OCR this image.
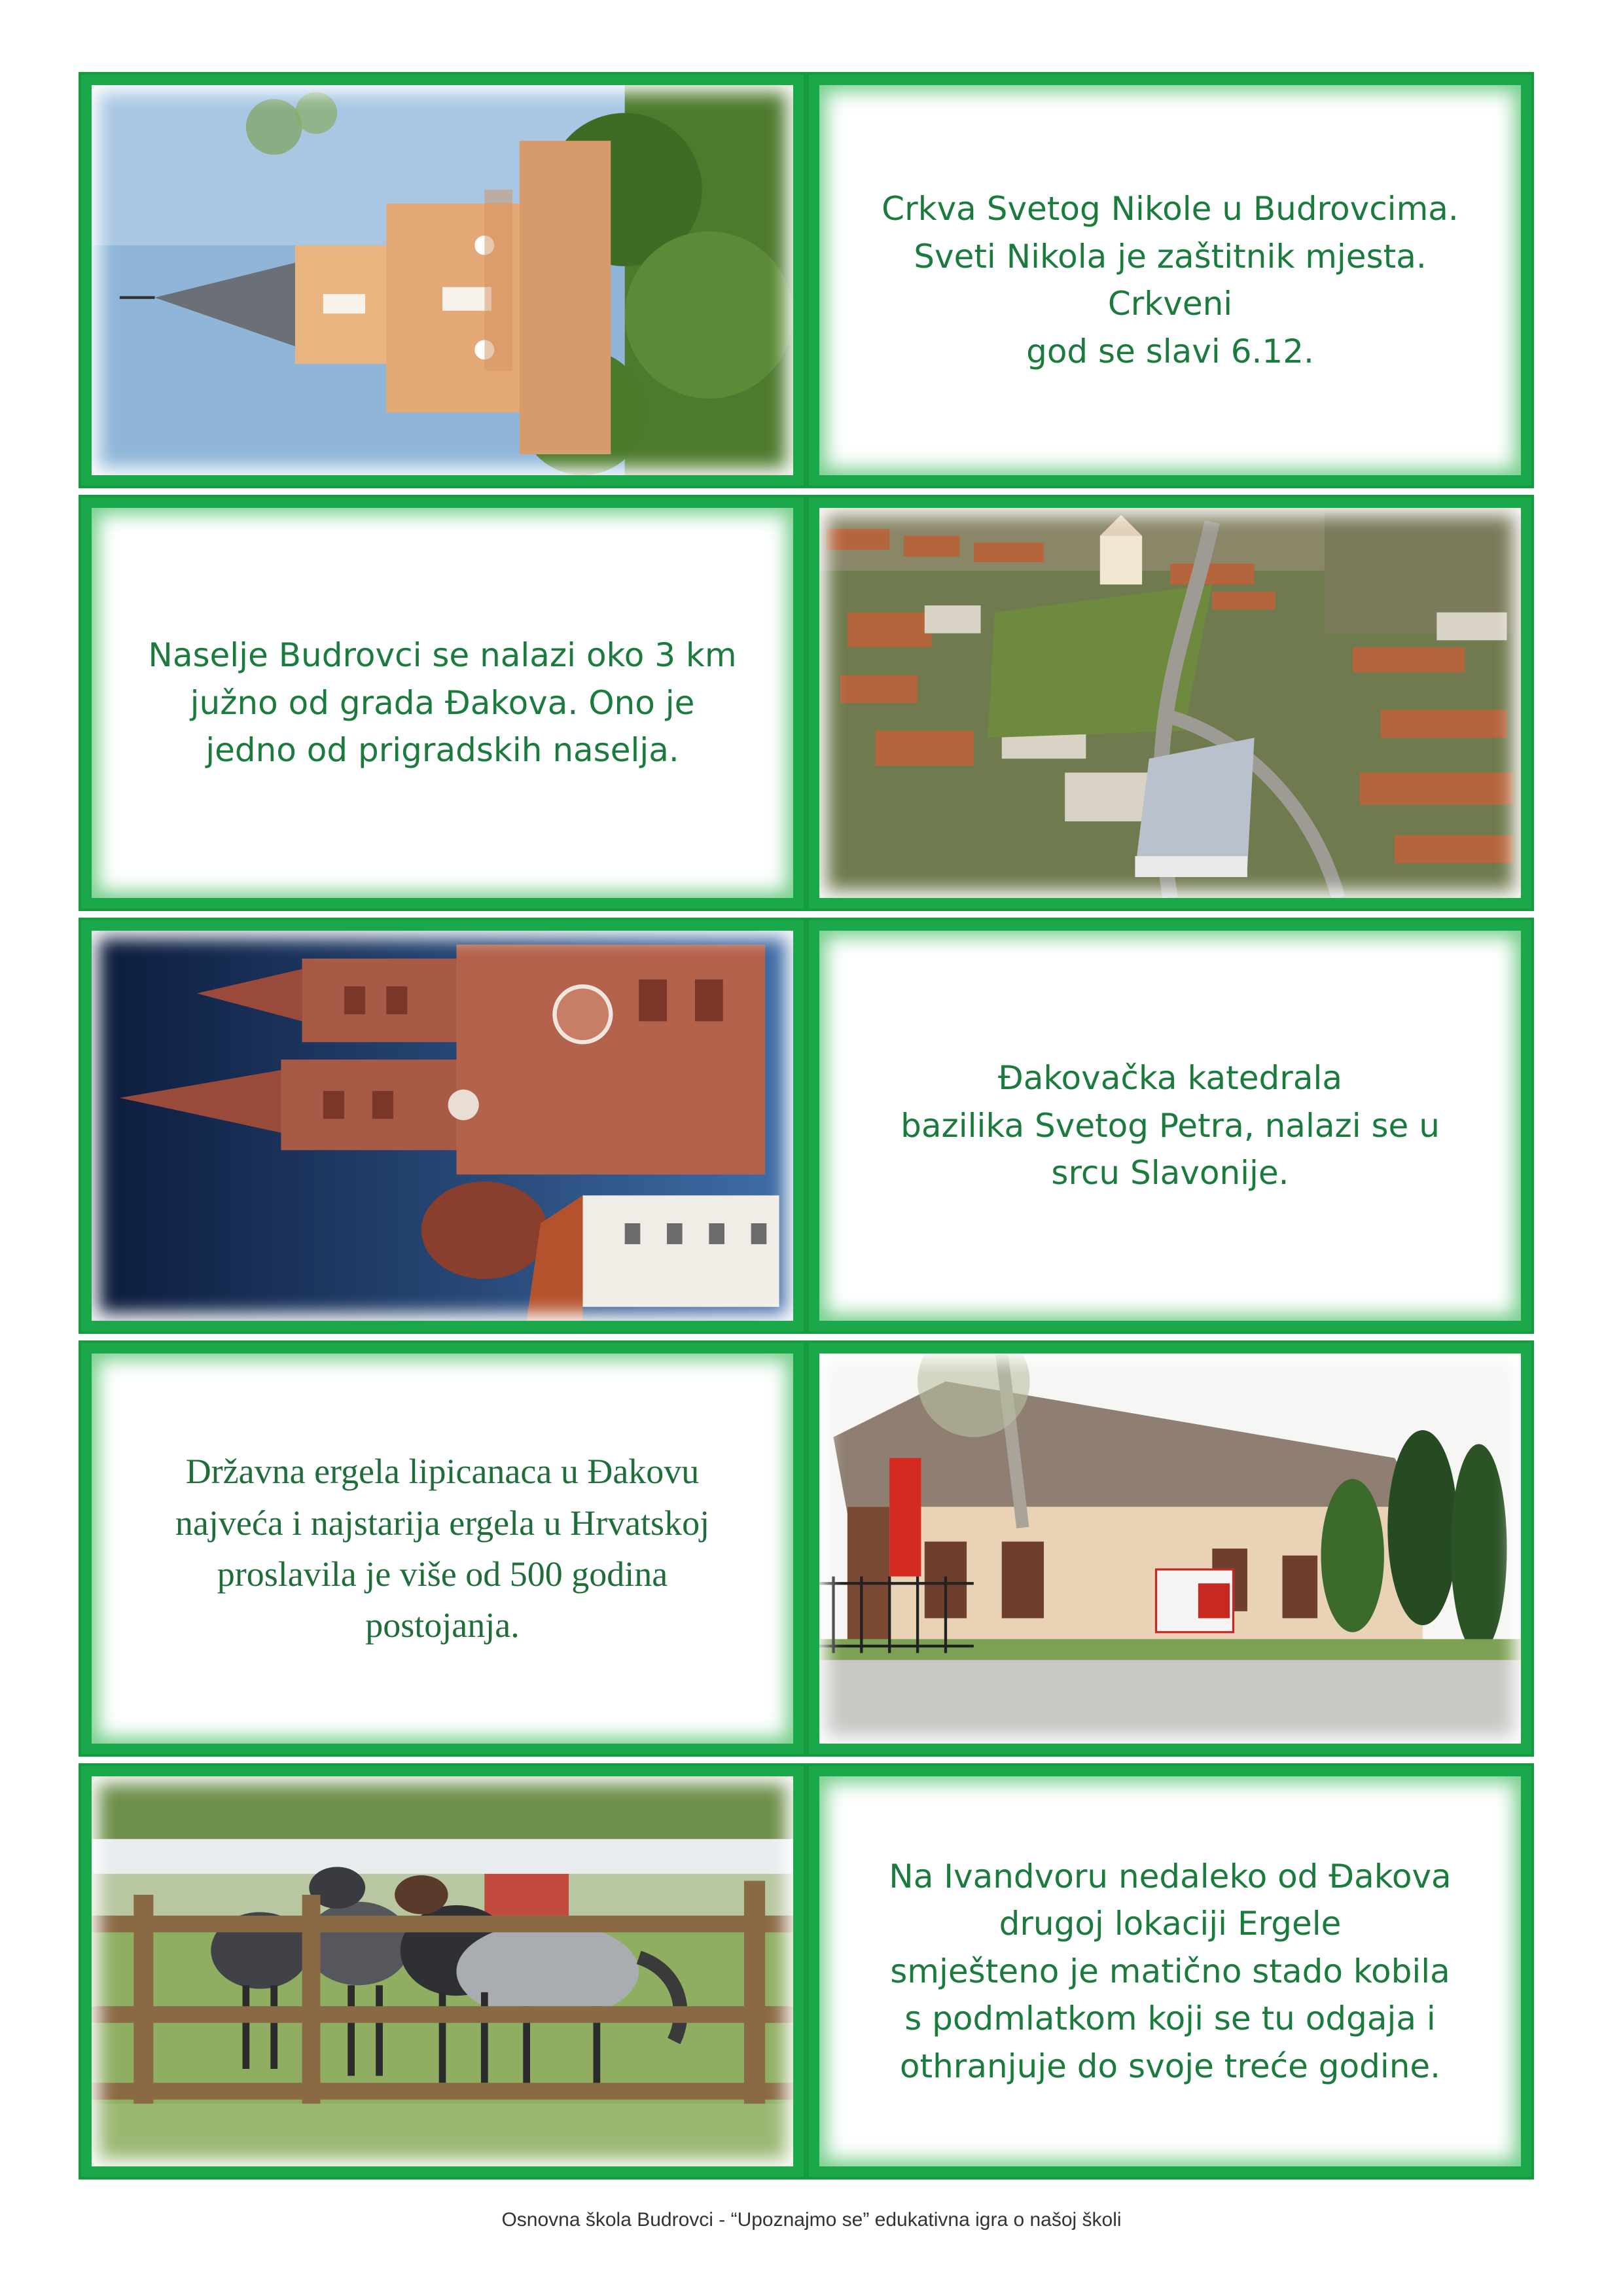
Crkva Svetog Nikole u Budrovcima. Sveti Nikola je zaštitnik mjesta. Crkveni
god se slavi 6.12.
Naselje Budrovci se nalazi oko 3 km
južno od grada Đakova. Ono je
jedno od prigradskih naselja.
Đakovačka katedrala
bazilika Svetog Petra, nalazi se u
srcu Slavonije.
Državna ergela lipicanaca u Đakovu
najveća i najstarija ergela u Hrvatskoj
proslavila je više od 500 godina
postojanja.
Na Ivandvoru nedaleko od Đakova
drugoj lokaciji Ergele
smješteno je matično stado kobila
s podmlatkom koji se tu odgaja i
othranjuje do svoje treće godine.
Osnovna škola Budrovci - “Upoznajmo se” edukativna igra o našoj školi
